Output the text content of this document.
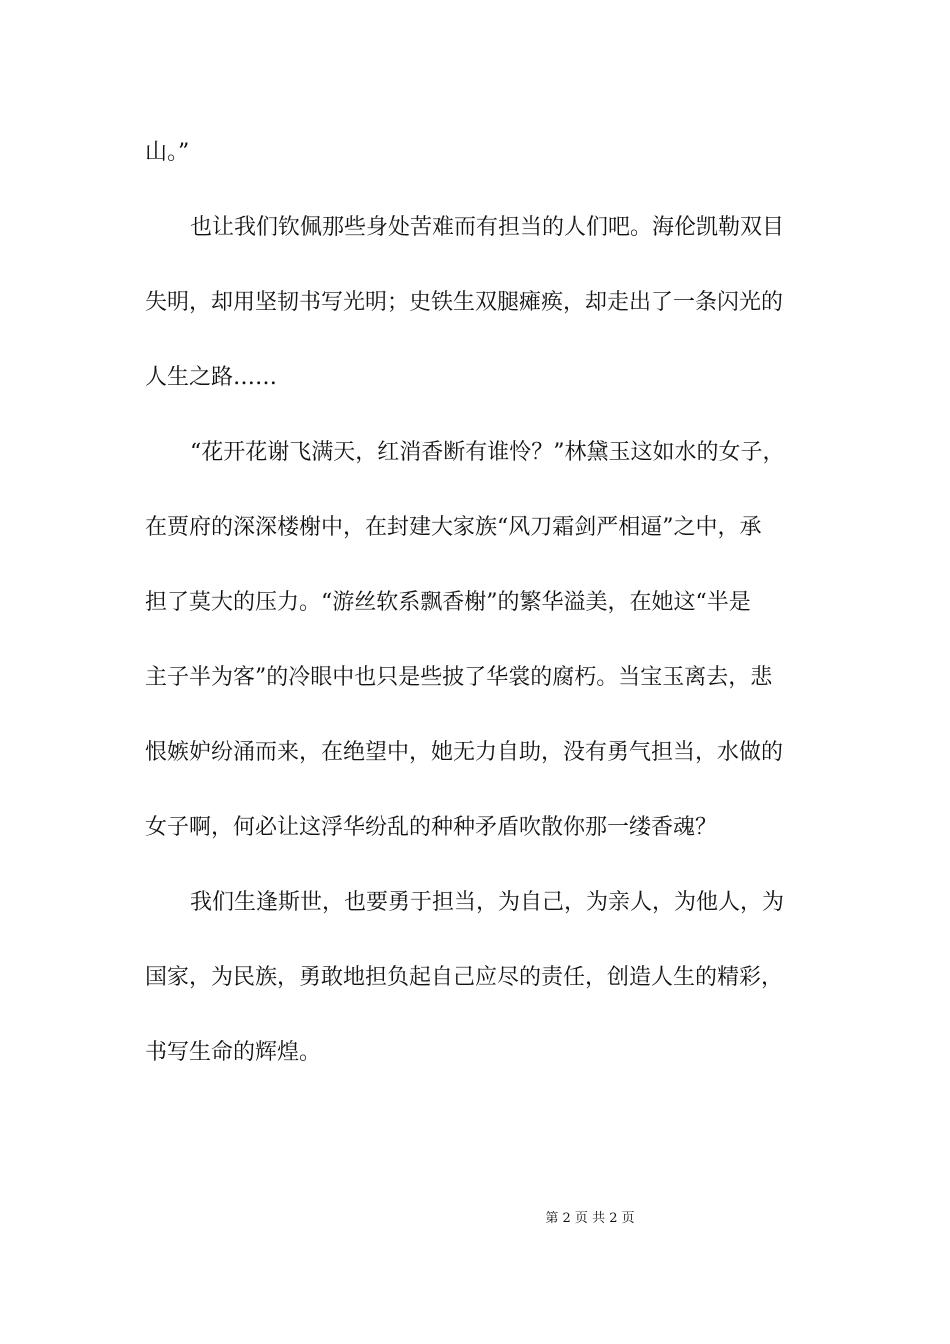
山。”
也让我们钦佩那些身处苦难而有担当的人们吧。海伦凯勒双目
失明，却用坚韧书写光明；史铁生双腿瘫痪，却走出了一条闪光的
人生之路……
“花开花谢飞满天，红消香断有谁怜？”林黛玉这如水的女子，
在贾府的深深楼榭中，在封建大家族“风刀霜剑严相逼”之中，承
担了莫大的压力。“游丝软系飘香榭”的繁华溢美，在她这“半是
主子半为客”的冷眼中也只是些披了华裳的腐朽。当宝玉离去，悲
恨嫉妒纷涌而来，在绝望中，她无力自助，没有勇气担当，水做的
女子啊，何必让这浮华纷乱的种种矛盾吹散你那一缕香魂？
我们生逢斯世，也要勇于担当，为自己，为亲人，为他人，为
国家，为民族，勇敢地担负起自己应尽的责任，创造人生的精彩，
书写生命的辉煌。
第 2 页 共 2 页
